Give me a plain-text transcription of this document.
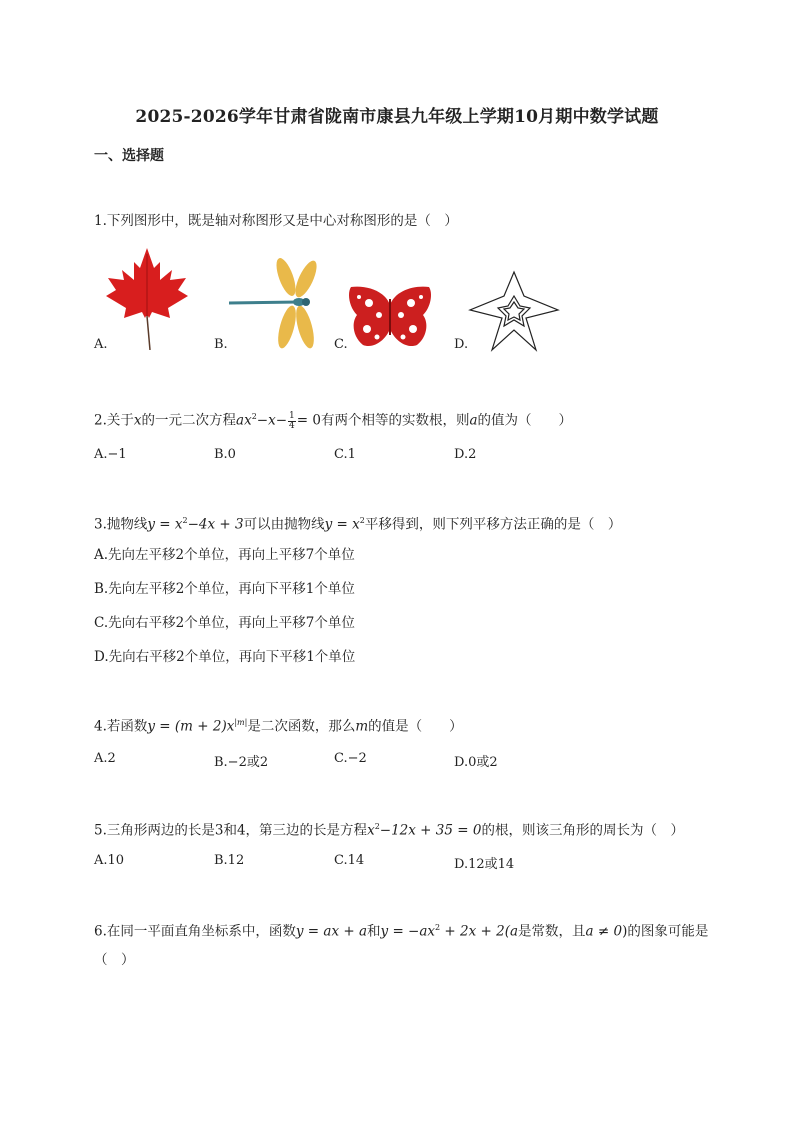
2025-2026学年甘肃省陇南市康县九年级上学期10月期中数学试题
一、选择题
1.下列图形中，既是轴对称图形又是中心对称图形的是（　）
A.	B.	C.	D.
2.关于x的一元二次方程$ax^2-x- \frac{1}{4} = 0$有两个相等的实数根，则a的值为（　　）
A.−1	B.0	C.1	D.2
3.抛物线$y = x^2-4x + 3$可以由抛物线$y = x^2$平移得到，则下列平移方法正确的是（　）
A.先向左平移2个单位，再向上平移7个单位
B.先向左平移2个单位，再向下平移1个单位
C.先向右平移2个单位，再向上平移7个单位
D.先向右平移2个单位，再向下平移1个单位
4.若函数$y = (m + 2)x^{|m|}$是二次函数，那么m的值是（　　）
A.2	B.−2或2	C.−2	D.0或2
5.三角形两边的长是3和4，第三边的长是方程$x^2-12x + 35 = 0$的根，则该三角形的周长为（　）
A.10	B.12	C.14	D.12或14
6.在同一平面直角坐标系中，函数y = ax + a和$y = -ax^2 + 2x + 2(a$是常数，且a ≠ 0)的图象可能是
（　）
